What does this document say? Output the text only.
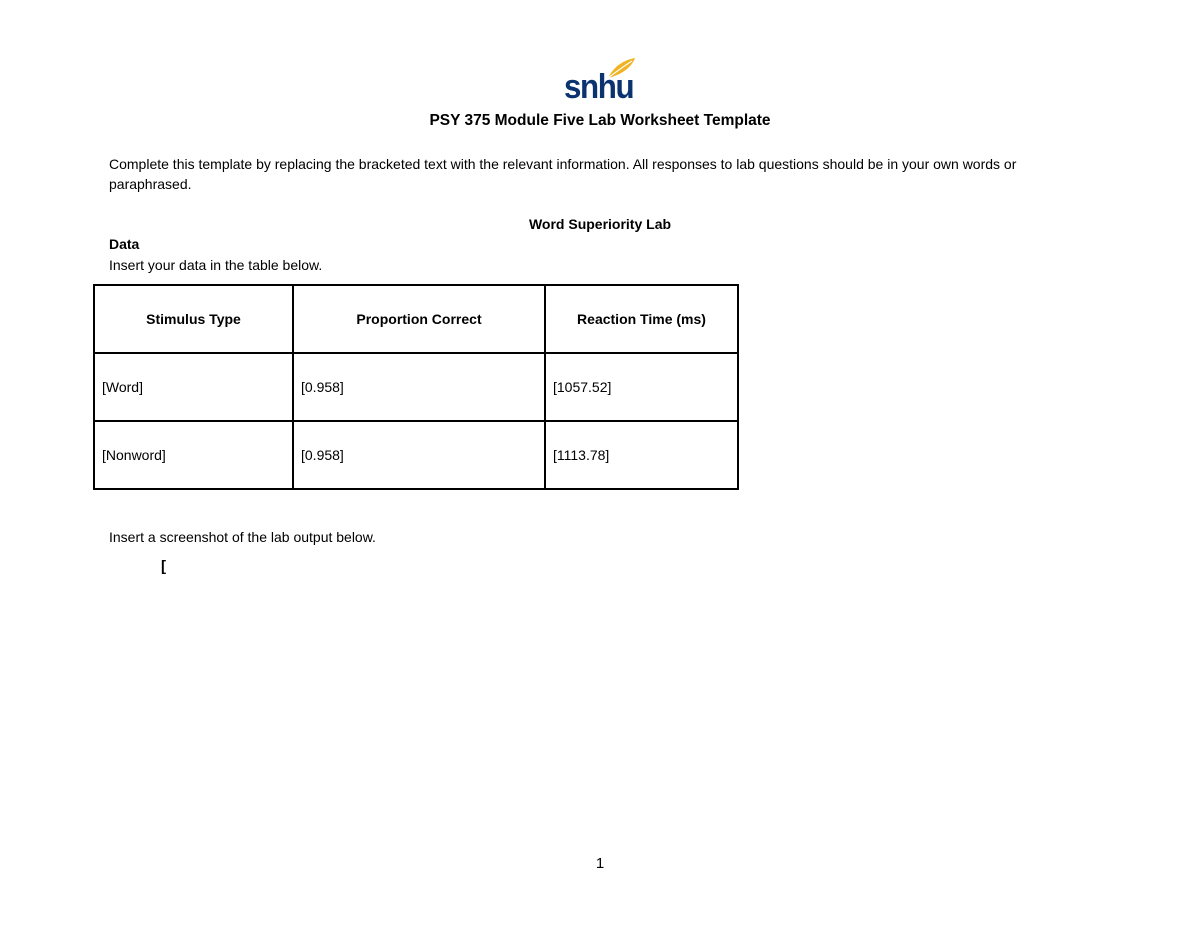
snhu
PSY 375 Module Five Lab Worksheet Template
Complete this template by replacing the bracketed text with the relevant information. All responses to lab questions should be in your own words or paraphrased.
Word Superiority Lab
Data
Insert your data in the table below.
Stimulus Type	Proportion Correct	Reaction Time (ms)
[Word]	[0.958]	[1057.52]
[Nonword]	[0.958]	[1113.78]
Insert a screenshot of the lab output below.
[
1
